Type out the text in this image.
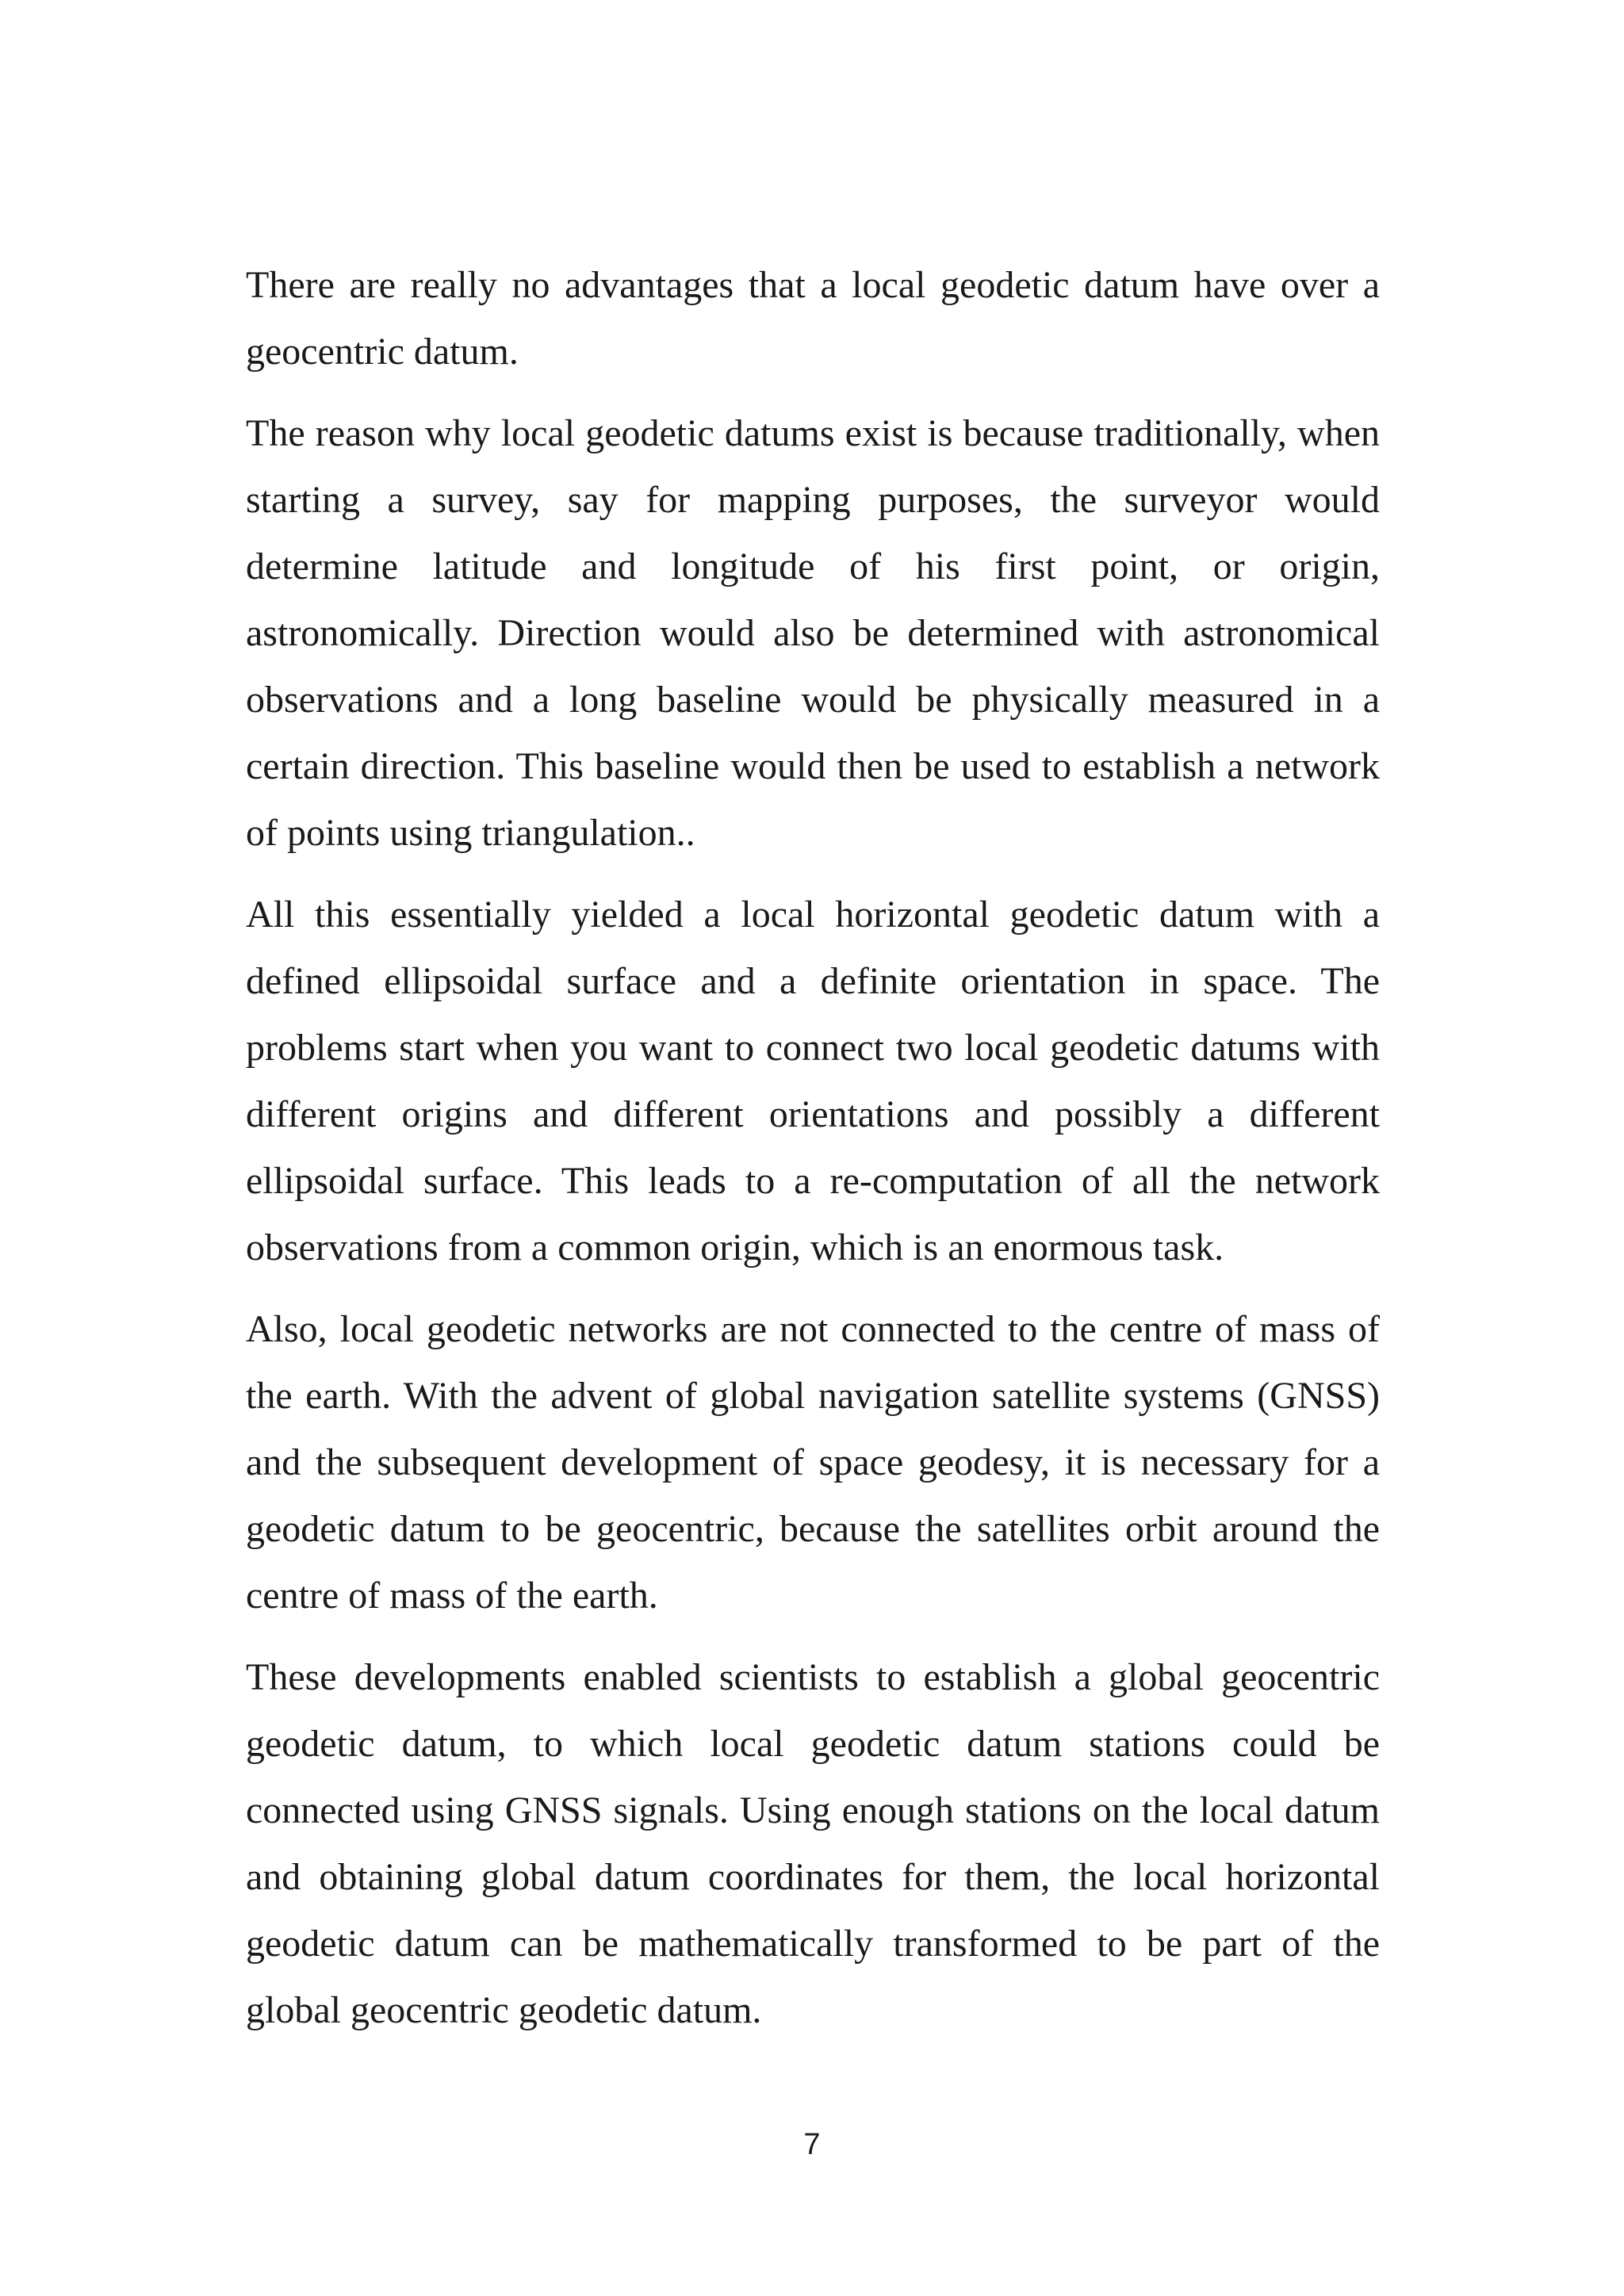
There are really no advantages that a local geodetic datum have over a geocentric datum.

The reason why local geodetic datums exist is because traditionally, when starting a survey, say for mapping purposes, the surveyor would determine latitude and longitude of his first point, or origin, astronomically. Direction would also be determined with astronomical observations and a long baseline would be physically measured in a certain direction. This baseline would then be used to establish a network of points using triangulation..

All this essentially yielded a local horizontal geodetic datum with a defined ellipsoidal surface and a definite orientation in space. The problems start when you want to connect two local geodetic datums with different origins and different orientations and possibly a different ellipsoidal surface. This leads to a re-computation of all the network observations from a common origin, which is an enormous task.

Also, local geodetic networks are not connected to the centre of mass of the earth. With the advent of global navigation satellite systems (GNSS) and the subsequent development of space geodesy, it is necessary for a geodetic datum to be geocentric, because the satellites orbit around the centre of mass of the earth.

These developments enabled scientists to establish a global geocentric geodetic datum, to which local geodetic datum stations could be connected using GNSS signals. Using enough stations on the local datum and obtaining global datum coordinates for them, the local horizontal geodetic datum can be mathematically transformed to be part of the global geocentric geodetic datum.

7
